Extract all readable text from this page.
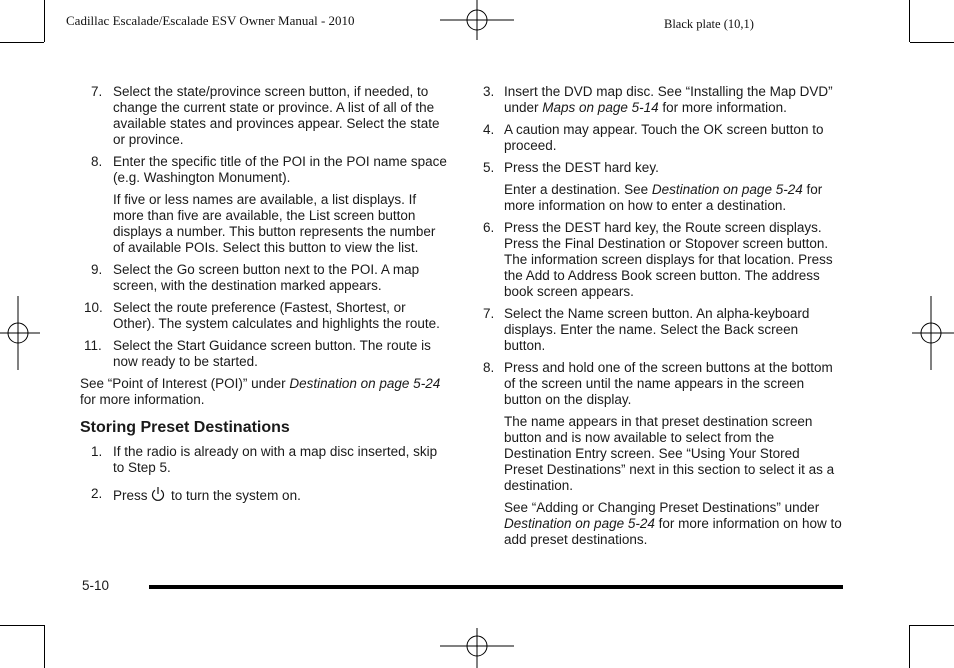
Cadillac Escalade/Escalade ESV Owner Manual - 2010	Black plate (10,1)
7. Select the state/province screen button, if needed, to change the current state or province. A list of all of the available states and provinces appear. Select the state or province.
8. Enter the specific title of the POI in the POI name space (e.g. Washington Monument).
If five or less names are available, a list displays. If more than five are available, the List screen button displays a number. This button represents the number of available POIs. Select this button to view the list.
9. Select the Go screen button next to the POI. A map screen, with the destination marked appears.
10. Select the route preference (Fastest, Shortest, or Other). The system calculates and highlights the route.
11. Select the Start Guidance screen button. The route is now ready to be started.
See “Point of Interest (POI)” under Destination on page 5-24 for more information.
Storing Preset Destinations
1. If the radio is already on with a map disc inserted, skip to Step 5.
2. Press  to turn the system on.
3. Insert the DVD map disc. See “Installing the Map DVD” under Maps on page 5-14 for more information.
4. A caution may appear. Touch the OK screen button to proceed.
5. Press the DEST hard key.
Enter a destination. See Destination on page 5-24 for more information on how to enter a destination.
6. Press the DEST hard key, the Route screen displays. Press the Final Destination or Stopover screen button. The information screen displays for that location. Press the Add to Address Book screen button. The address book screen appears.
7. Select the Name screen button. An alpha-keyboard displays. Enter the name. Select the Back screen button.
8. Press and hold one of the screen buttons at the bottom of the screen until the name appears in the screen button on the display.
The name appears in that preset destination screen button and is now available to select from the Destination Entry screen. See “Using Your Stored Preset Destinations” next in this section to select it as a destination.
See “Adding or Changing Preset Destinations” under Destination on page 5-24 for more information on how to add preset destinations.
5-10
